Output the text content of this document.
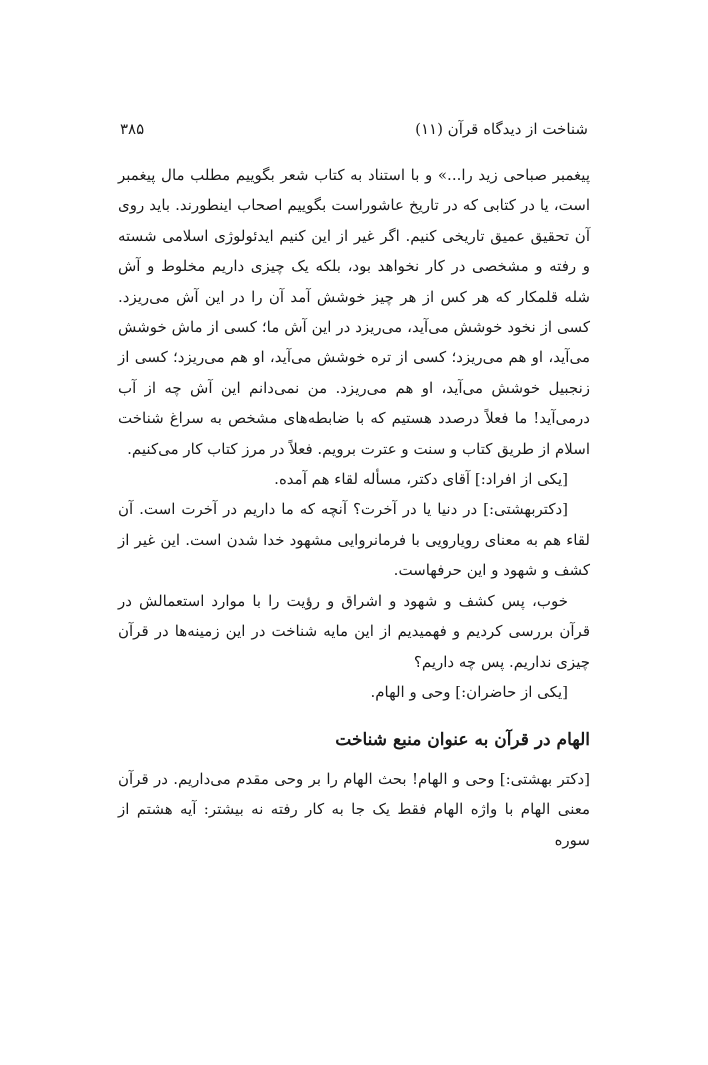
شناخت از دیدگاه قرآن (۱۱)
۳۸۵

پیغمبر صباحی زید را...» و با استناد به کتاب شعر بگوییم مطلب مال پیغمبر است، یا در کتابی که در تاریخ عاشوراست بگوییم اصحاب اینطورند. باید روی آن تحقیق عمیق تاریخی کنیم. اگر غیر از این کنیم ایدئولوژی اسلامی شسته و رفته و مشخصی در کار نخواهد بود، بلکه یک چیزی داریم مخلوط و آش شله قلمکار که هر کس از هر چیز خوشش آمد آن را در این آش می‌ریزد. کسی از نخود خوشش می‌آید، می‌ریزد در این آش ما؛ کسی از ماش خوشش می‌آید، او هم می‌ریزد؛ کسی از تره خوشش می‌آید، او هم می‌ریزد؛ کسی از زنجبیل خوشش می‌آید، او هم می‌ریزد. من نمی‌دانم این آش چه از آب درمی‌آید! ما فعلاً درصدد هستیم که با ضابطه‌های مشخص به سراغ شناخت اسلام از طریق کتاب و سنت و عترت برویم. فعلاً در مرز کتاب کار می‌کنیم.

[یکی از افراد:] آقای دکتر، مسأله لقاء هم آمده.

[دکتربهشتی:] در دنیا یا در آخرت؟ آنچه که ما داریم در آخرت است. آن لقاء هم به معنای رویارویی با فرمانروایی مشهود خدا شدن است. این غیر از کشف و شهود و این حرفهاست.

خوب، پس کشف و شهود و اشراق و رؤیت را با موارد استعمالش در قرآن بررسی کردیم و فهمیدیم از این مایه شناخت در این زمینه‌ها در قرآن چیزی نداریم. پس چه داریم؟

[یکی از حاضران:] وحی و الهام.

الهام در قرآن به عنوان منبع شناخت

[دکتر بهشتی:] وحی و الهام! بحث الهام را بر وحی مقدم می‌داریم. در قرآن معنی الهام با واژه الهام فقط یک جا به کار رفته نه بیشتر: آیه هشتم از سوره
